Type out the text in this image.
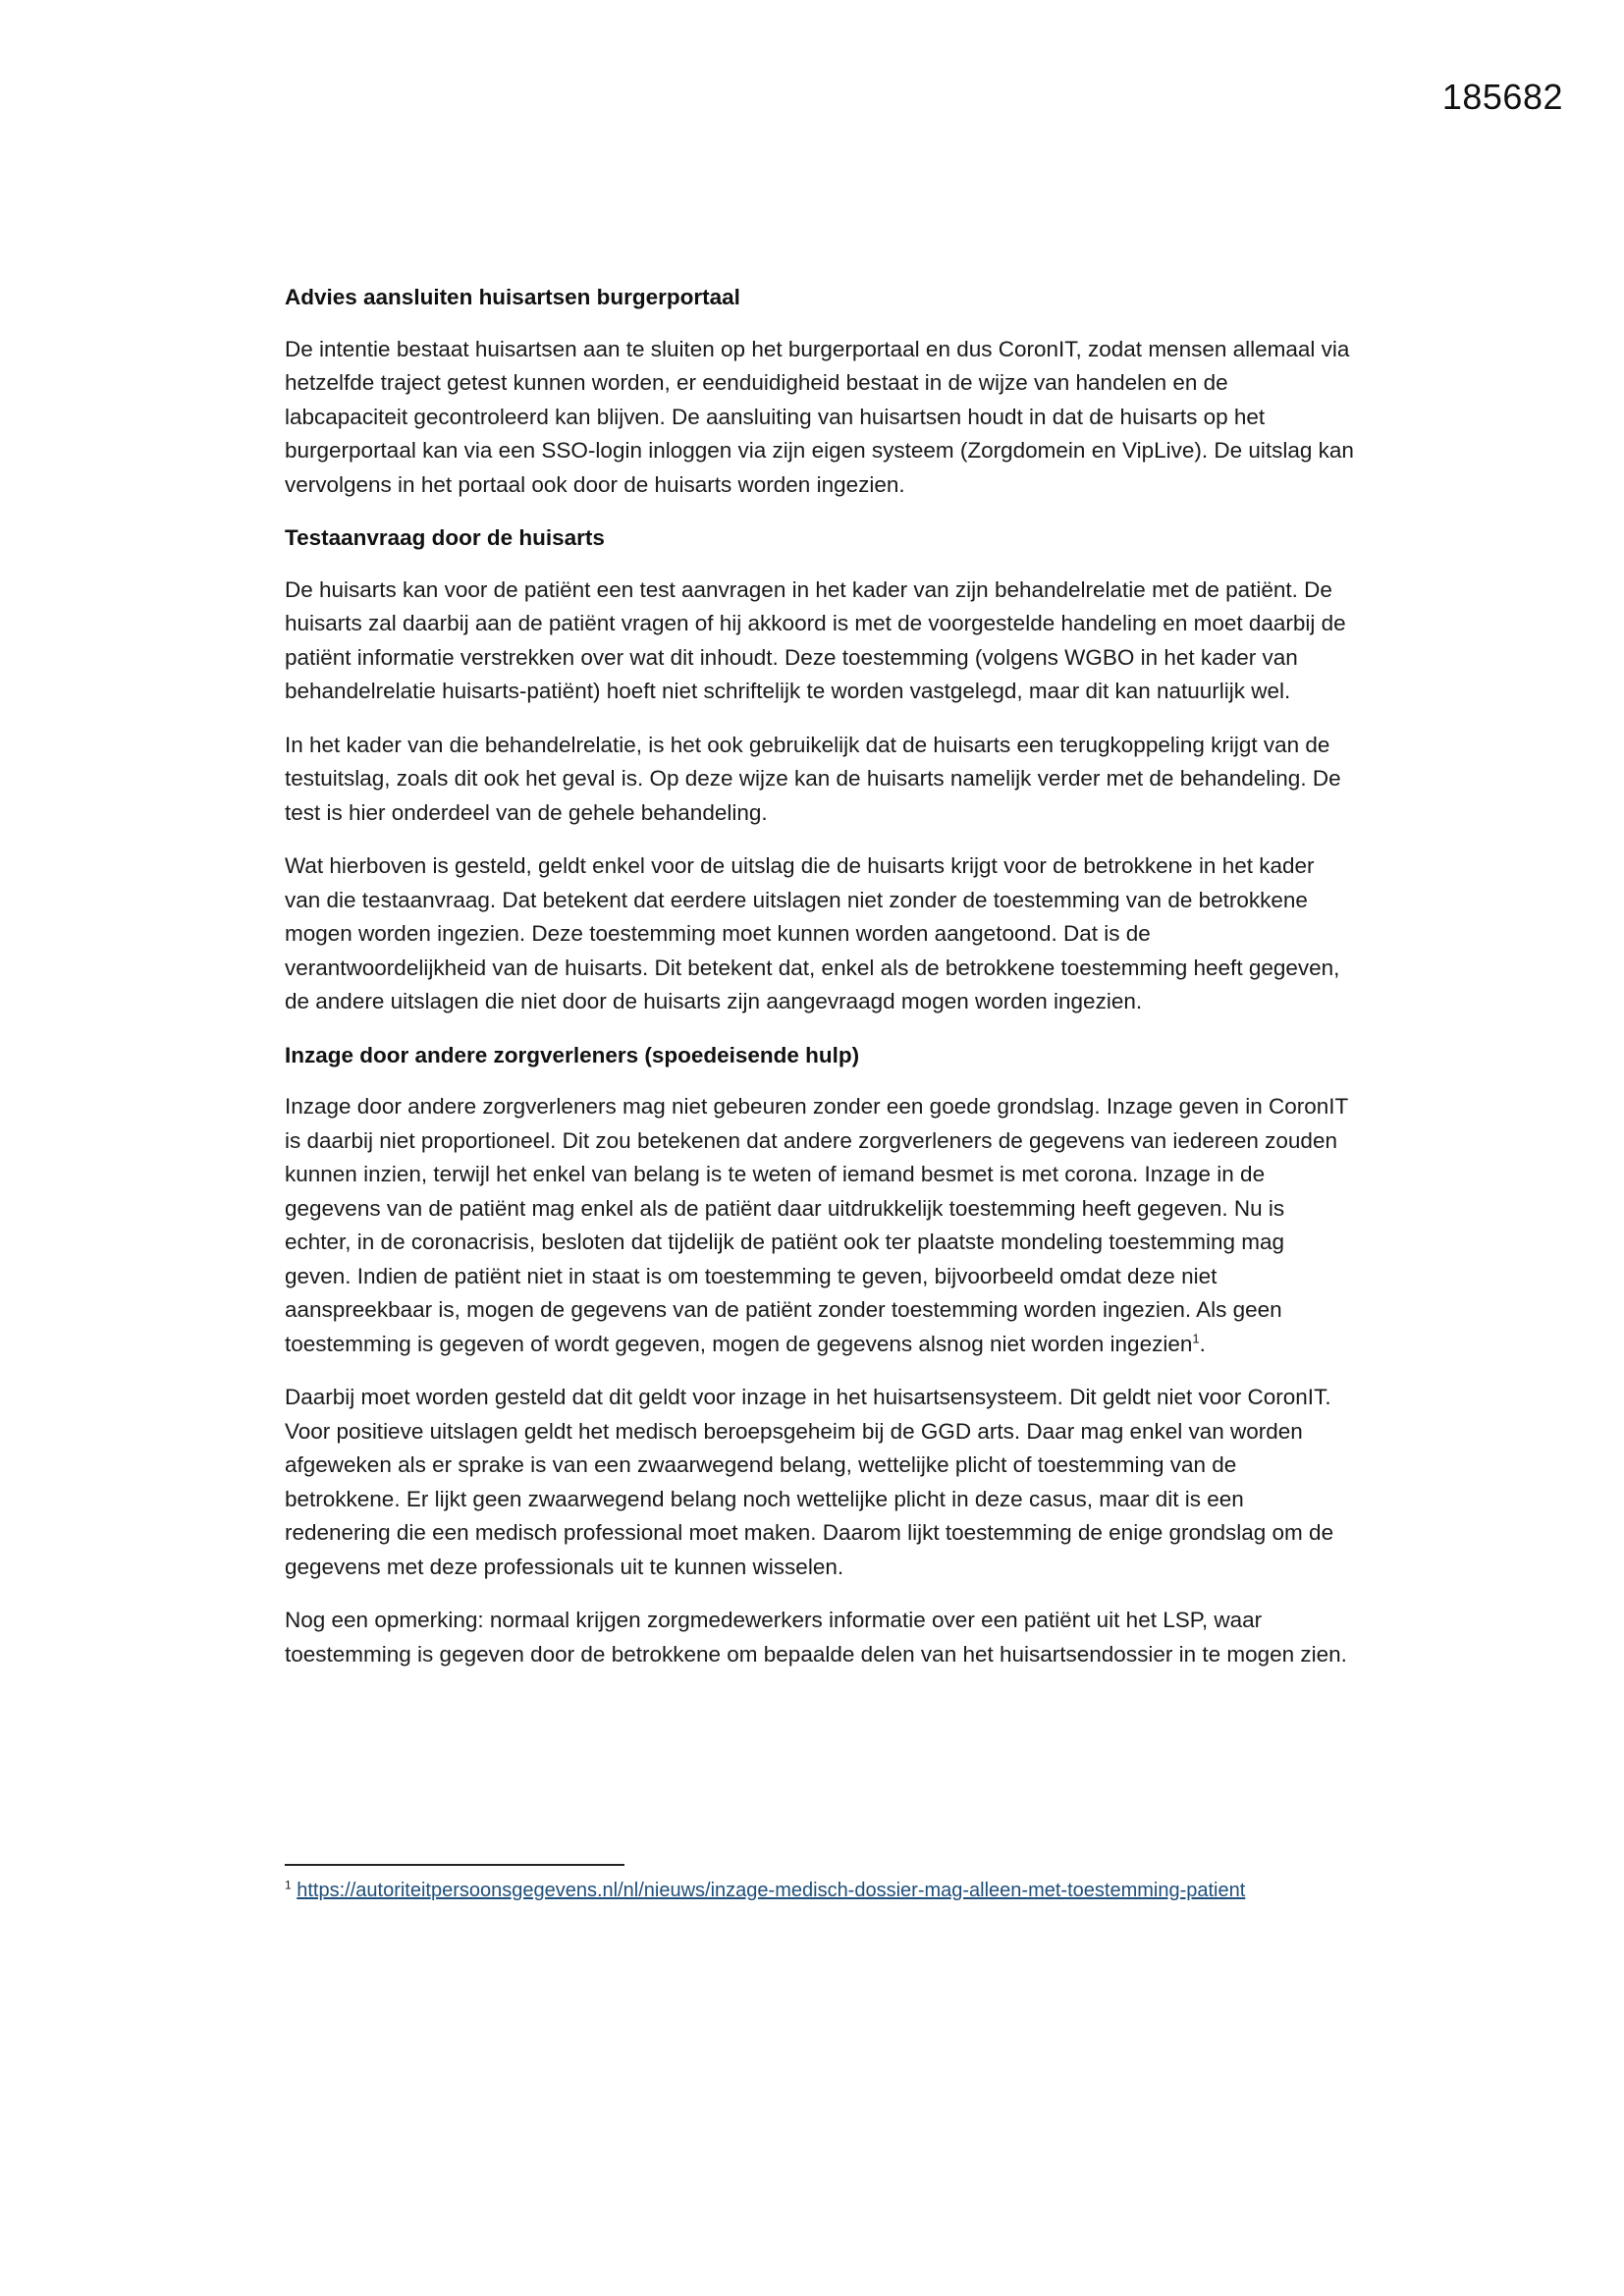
185682

Advies aansluiten huisartsen burgerportaal

De intentie bestaat huisartsen aan te sluiten op het burgerportaal en dus CoronIT, zodat mensen allemaal via hetzelfde traject getest kunnen worden, er eenduidigheid bestaat in de wijze van handelen en de labcapaciteit gecontroleerd kan blijven. De aansluiting van huisartsen houdt in dat de huisarts op het burgerportaal kan via een SSO-login inloggen via zijn eigen systeem (Zorgdomein en VipLive). De uitslag kan vervolgens in het portaal ook door de huisarts worden ingezien.

Testaanvraag door de huisarts

De huisarts kan voor de patiënt een test aanvragen in het kader van zijn behandelrelatie met de patiënt. De huisarts zal daarbij aan de patiënt vragen of hij akkoord is met de voorgestelde handeling en moet daarbij de patiënt informatie verstrekken over wat dit inhoudt. Deze toestemming (volgens WGBO in het kader van behandelrelatie huisarts-patiënt) hoeft niet schriftelijk te worden vastgelegd, maar dit kan natuurlijk wel.

In het kader van die behandelrelatie, is het ook gebruikelijk dat de huisarts een terugkoppeling krijgt van de testuitslag, zoals dit ook het geval is. Op deze wijze kan de huisarts namelijk verder met de behandeling. De test is hier onderdeel van de gehele behandeling.

Wat hierboven is gesteld, geldt enkel voor de uitslag die de huisarts krijgt voor de betrokkene in het kader van die testaanvraag. Dat betekent dat eerdere uitslagen niet zonder de toestemming van de betrokkene mogen worden ingezien. Deze toestemming moet kunnen worden aangetoond. Dat is de verantwoordelijkheid van de huisarts. Dit betekent dat, enkel als de betrokkene toestemming heeft gegeven, de andere uitslagen die niet door de huisarts zijn aangevraagd mogen worden ingezien.

Inzage door andere zorgverleners (spoedeisende hulp)

Inzage door andere zorgverleners mag niet gebeuren zonder een goede grondslag. Inzage geven in CoronIT is daarbij niet proportioneel. Dit zou betekenen dat andere zorgverleners de gegevens van iedereen zouden kunnen inzien, terwijl het enkel van belang is te weten of iemand besmet is met corona. Inzage in de gegevens van de patiënt mag enkel als de patiënt daar uitdrukkelijk toestemming heeft gegeven. Nu is echter, in de coronacrisis, besloten dat tijdelijk de patiënt ook ter plaatste mondeling toestemming mag geven. Indien de patiënt niet in staat is om toestemming te geven, bijvoorbeeld omdat deze niet aanspreekbaar is, mogen de gegevens van de patiënt zonder toestemming worden ingezien. Als geen toestemming is gegeven of wordt gegeven, mogen de gegevens alsnog niet worden ingezien$^1$.

Daarbij moet worden gesteld dat dit geldt voor inzage in het huisartsensysteem. Dit geldt niet voor CoronIT. Voor positieve uitslagen geldt het medisch beroepsgeheim bij de GGD arts. Daar mag enkel van worden afgeweken als er sprake is van een zwaarwegend belang, wettelijke plicht of toestemming van de betrokkene. Er lijkt geen zwaarwegend belang noch wettelijke plicht in deze casus, maar dit is een redenering die een medisch professional moet maken. Daarom lijkt toestemming de enige grondslag om de gegevens met deze professionals uit te kunnen wisselen.

Nog een opmerking: normaal krijgen zorgmedewerkers informatie over een patiënt uit het LSP, waar toestemming is gegeven door de betrokkene om bepaalde delen van het huisartsendossier in te mogen zien.

$^1$ https://autoriteitpersoonsgegevens.nl/nl/nieuws/inzage-medisch-dossier-mag-alleen-met-toestemming-patient
